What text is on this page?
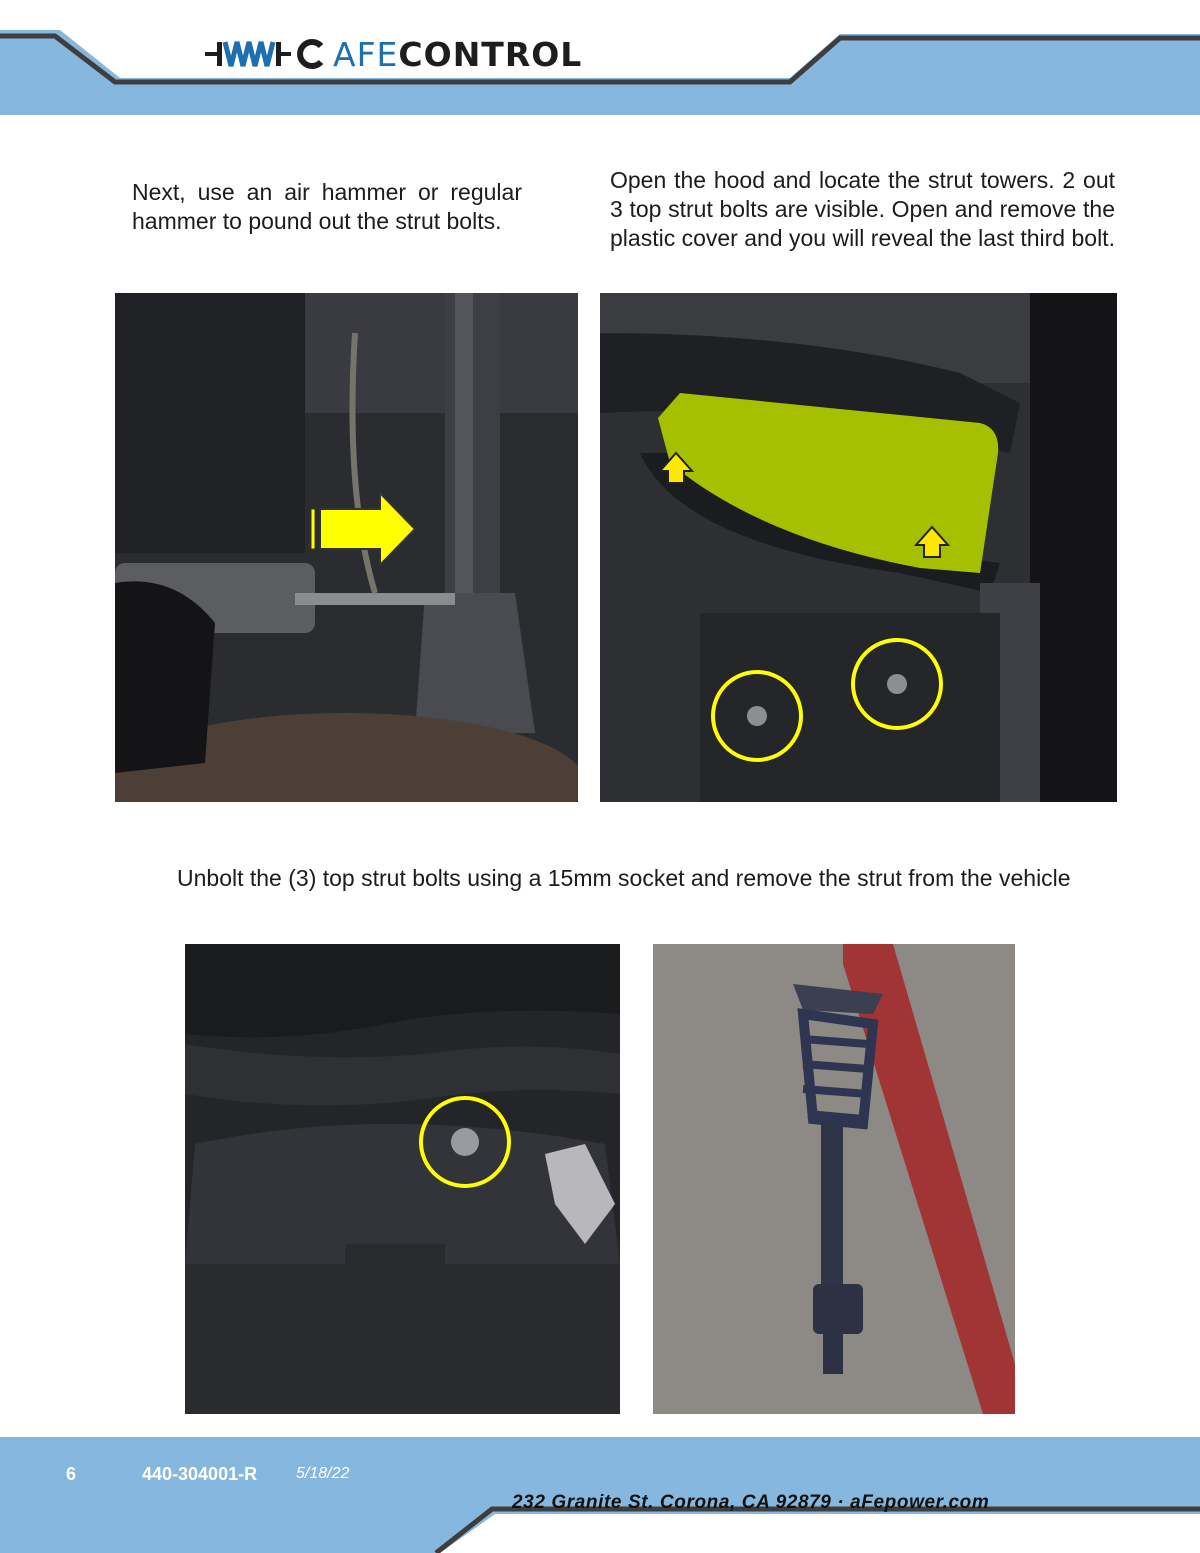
AFECONTROL

Next, use an air hammer or regular hammer to pound out the strut bolts.

Open the hood and locate the strut towers. 2 out 3 top strut bolts are visible. Open and remove the plastic cover and you will reveal the last third bolt.

Unbolt the (3) top strut bolts using a 15mm socket and remove the strut from the vehicle

6	440-304001-R 5/18/22
232 Granite St. Corona, CA 92879 · aFepower.com
